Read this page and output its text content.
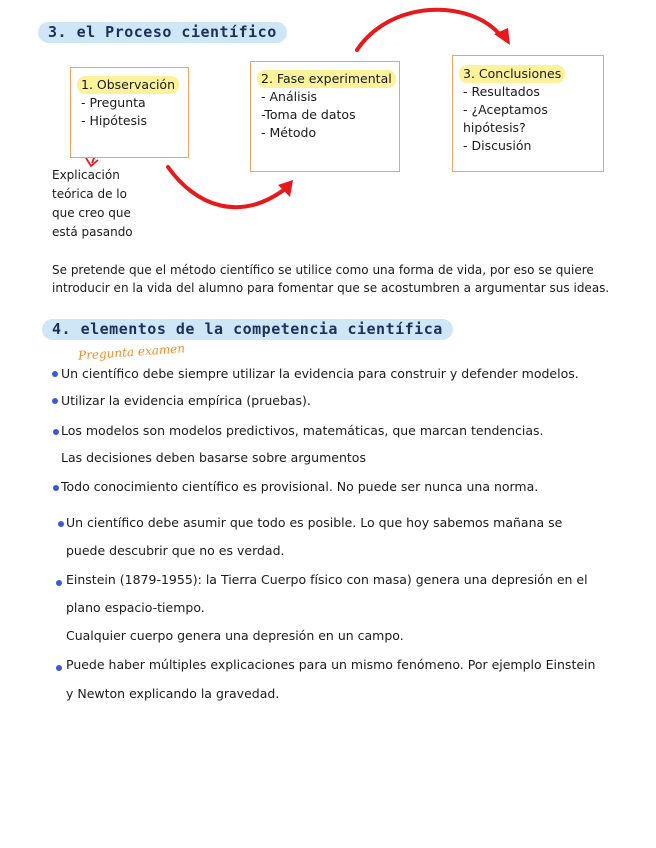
3. el Proceso científico
1. Observación
- Pregunta
- Hipótesis
2. Fase experimental
- Análisis
-Toma de datos
- Método
3. Conclusiones
- Resultados
- ¿Aceptamos
hipótesis?
- Discusión
Explicación
teórica de lo
que creo que
está pasando
Se pretende que el método científico se utilice como una forma de vida, por eso se quiere
introducir en la vida del alumno para fomentar que se acostumbren a argumentar sus ideas.
4. elementos de la competencia científica
Pregunta examen
Un científico debe siempre utilizar la evidencia para construir y defender modelos.
Utilizar la evidencia empírica (pruebas).
Los modelos son modelos predictivos, matemáticas, que marcan tendencias.
Las decisiones deben basarse sobre argumentos
Todo conocimiento científico es provisional. No puede ser nunca una norma.
Un científico debe asumir que todo es posible. Lo que hoy sabemos mañana se
puede descubrir que no es verdad.
Einstein (1879-1955): la Tierra Cuerpo físico con masa) genera una depresión en el
plano espacio-tiempo.
Cualquier cuerpo genera una depresión en un campo.
Puede haber múltiples explicaciones para un mismo fenómeno. Por ejemplo Einstein
y Newton explicando la gravedad.
